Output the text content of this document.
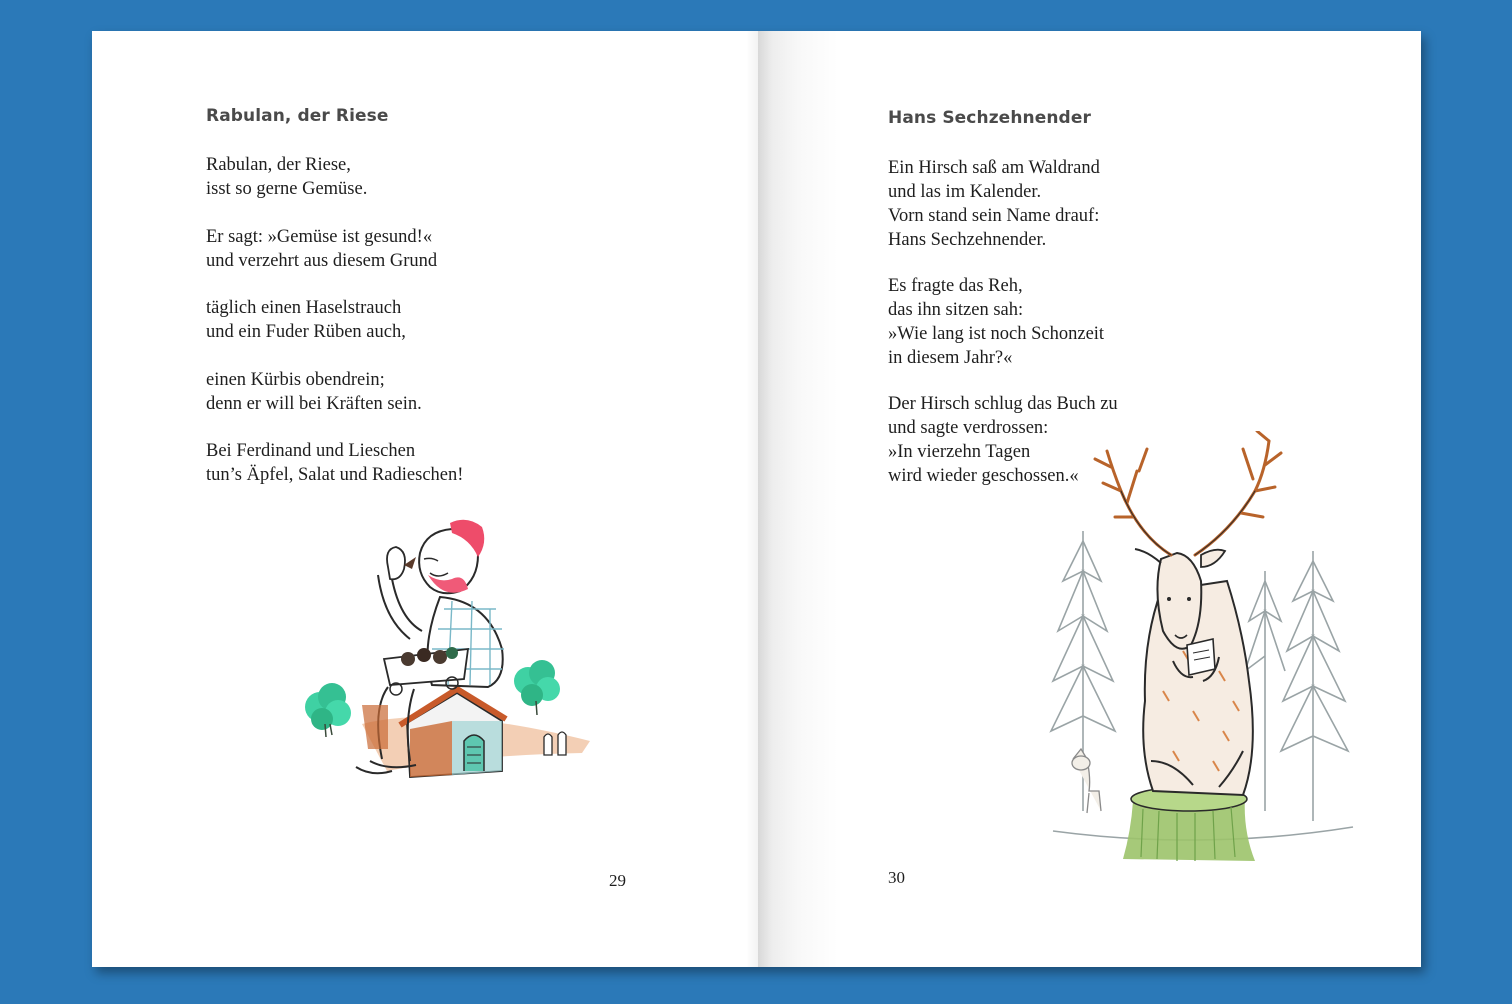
Rabulan, der Riese

Rabulan, der Riese,
isst so gerne Gemüse.

Er sagt: »Gemüse ist gesund!«
und verzehrt aus diesem Grund

täglich einen Haselstrauch
und ein Fuder Rüben auch,

einen Kürbis obendrein;
denn er will bei Kräften sein.

Bei Ferdinand und Lieschen
tun’s Äpfel, Salat und Radieschen!

29

Hans Sechzehnender

Ein Hirsch saß am Waldrand
und las im Kalender.
Vorn stand sein Name drauf:
Hans Sechzehnender.

Es fragte das Reh,
das ihn sitzen sah:
»Wie lang ist noch Schonzeit
in diesem Jahr?«

Der Hirsch schlug das Buch zu
und sagte verdrossen:
»In vierzehn Tagen
wird wieder geschossen.«

30
